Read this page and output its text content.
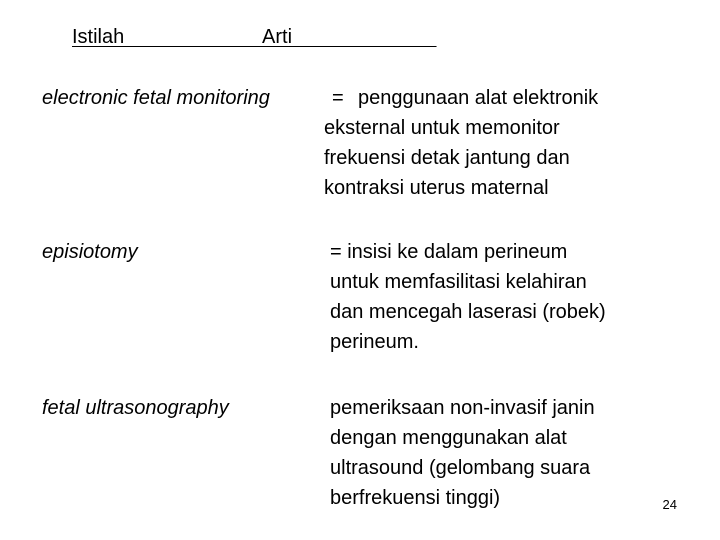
Istilah                         Arti
electronic fetal monitoring	= penggunaan alat elektronik
eksternal untuk memonitor
frekuensi detak jantung dan
kontraksi uterus maternal
episiotomy	= insisi ke dalam perineum
untuk memfasilitasi kelahiran
dan mencegah laserasi (robek)
perineum.
fetal ultrasonography	pemeriksaan non-invasif janin
dengan menggunakan alat
ultrasound (gelombang suara
berfrekuensi tinggi)	24
